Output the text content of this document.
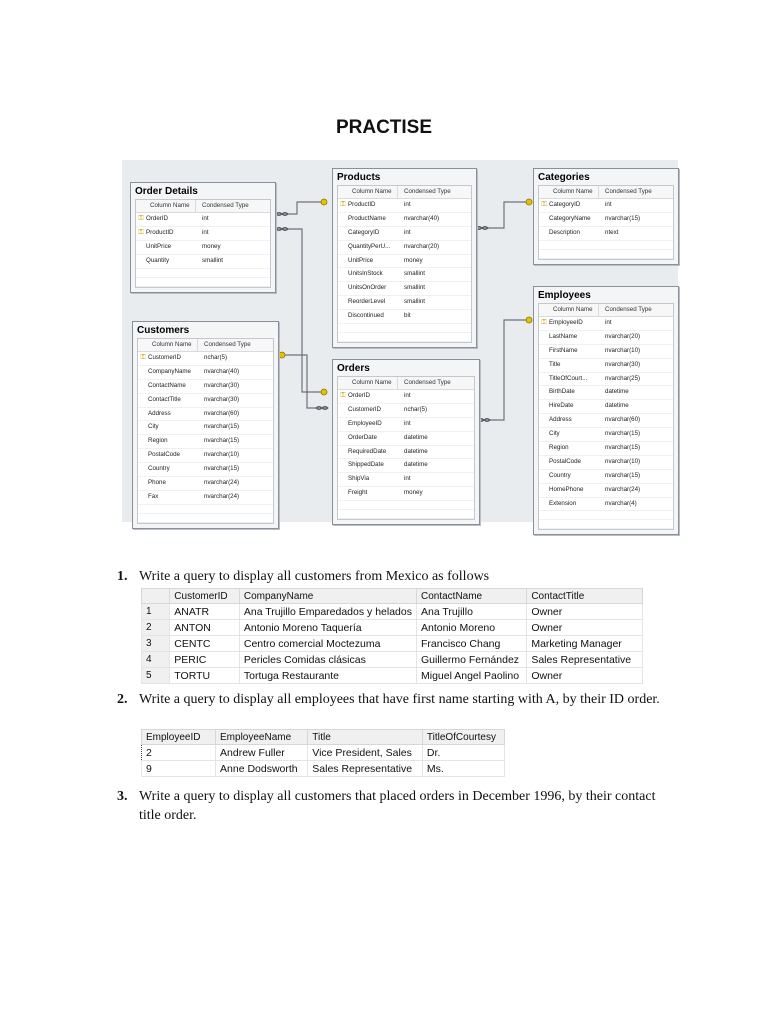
PRACTISE
Order Details
Column Name	Condensed Type
⚿ OrderID	int
⚿ ProductID	int
UnitPrice	money
Quantity	smallint
Products
Column Name	Condensed Type
⚿ ProductID	int
ProductName	nvarchar(40)
CategoryID	int
QuantityPerU...	nvarchar(20)
UnitPrice	money
UnitsInStock	smallint
UnitsOnOrder	smallint
ReorderLevel	smallint
Discontinued	bit
Categories
Column Name	Condensed Type
⚿ CategoryID	int
CategoryName	nvarchar(15)
Description	ntext
Customers
Column Name	Condensed Type
⚿ CustomerID	nchar(5)
CompanyName	nvarchar(40)
ContactName	nvarchar(30)
ContactTitle	nvarchar(30)
Address	nvarchar(60)
City	nvarchar(15)
Region	nvarchar(15)
PostalCode	nvarchar(10)
Country	nvarchar(15)
Phone	nvarchar(24)
Fax	nvarchar(24)
Orders
Column Name	Condensed Type
⚿ OrderID	int
CustomerID	nchar(5)
EmployeeID	int
OrderDate	datetime
RequiredDate	datetime
ShippedDate	datetime
ShipVia	int
Freight	money
Employees
Column Name	Condensed Type
⚿ EmployeeID	int
LastName	nvarchar(20)
FirstName	nvarchar(10)
Title	nvarchar(30)
TitleOfCourt...	nvarchar(25)
BirthDate	datetime
HireDate	datetime
Address	nvarchar(60)
City	nvarchar(15)
Region	nvarchar(15)
PostalCode	nvarchar(10)
Country	nvarchar(15)
HomePhone	nvarchar(24)
Extension	nvarchar(4)
1. Write a query to display all customers from Mexico as follows
	CustomerID	CompanyName	ContactName	ContactTitle
1	ANATR	Ana Trujillo Emparedados y helados	Ana Trujillo	Owner
2	ANTON	Antonio Moreno Taquería	Antonio Moreno	Owner
3	CENTC	Centro comercial Moctezuma	Francisco Chang	Marketing Manager
4	PERIC	Pericles Comidas clásicas	Guillermo Fernández	Sales Representative
5	TORTU	Tortuga Restaurante	Miguel Angel Paolino	Owner
2. Write a query to display all employees that have first name starting with A, by their ID order.
EmployeeID	EmployeeName	Title	TitleOfCourtesy
2	Andrew Fuller	Vice President, Sales	Dr.
9	Anne Dodsworth	Sales Representative	Ms.
3. Write a query to display all customers that placed orders in December 1996, by their contact title order.
